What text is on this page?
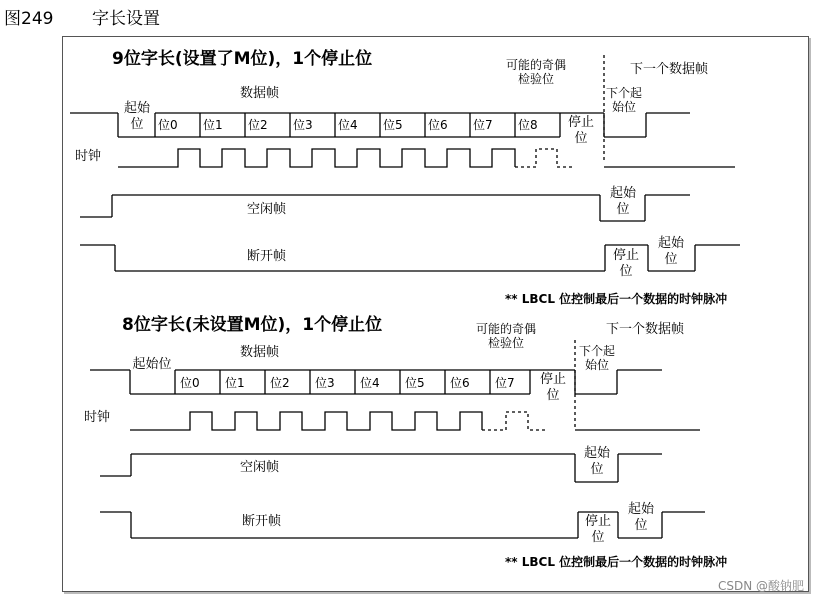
图249 字长设置
9位字长(设置了M位)，1个停止位
数据帧
起始位	位0 位1 位2 位3 位4 位5 位6 位7 位8	停止位
可能的奇偶检验位
下一个数据帧
下个起始位
时钟
空闲帧
起始位
断开帧	停止位
起始位
** LBCL 位控制最后一个数据的时钟脉冲
8位字长(未设置M位)，1个停止位
数据帧
起始位
位0 位1 位2 位3 位4 位5 位6 位7	停止位
可能的奇偶检验位
下一个数据帧
下个起始位
时钟
空闲帧
起始位
断开帧	停止位
起始位
** LBCL 位控制最后一个数据的时钟脉冲
CSDN @酸钠肥
